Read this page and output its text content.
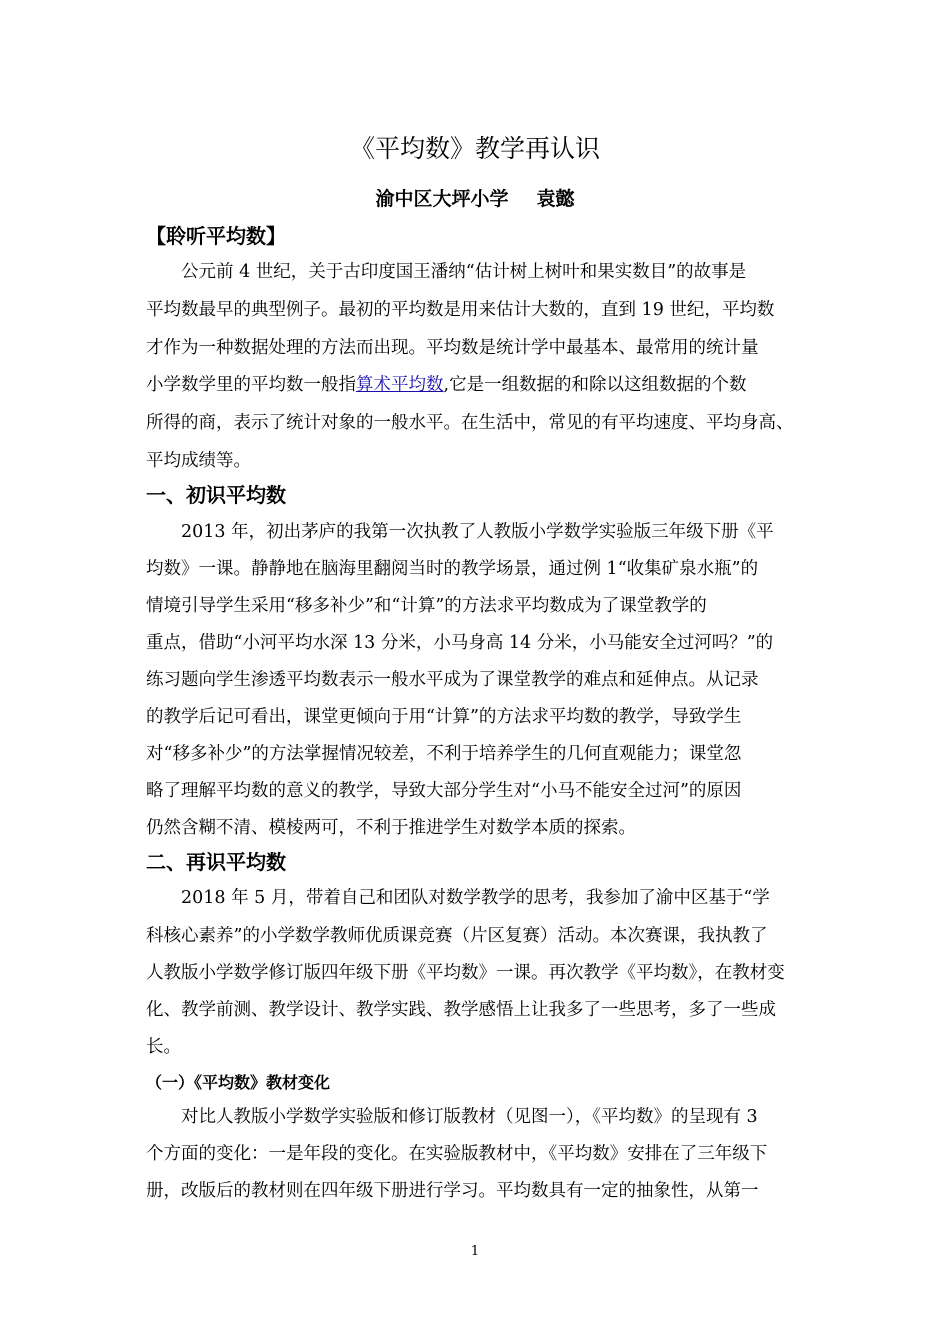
《平均数》教学再认识
渝中区大坪小学 袁懿
【聆听平均数】
公元前 4 世纪，关于古印度国王潘纳“估计树上树叶和果实数目”的故事是
平均数最早的典型例子。最初的平均数是用来估计大数的，直到 19 世纪，平均数
才作为一种数据处理的方法而出现。平均数是统计学中最基本、最常用的统计量
小学数学里的平均数一般指算术平均数,它是一组数据的和除以这组数据的个数
所得的商，表示了统计对象的一般水平。在生活中，常见的有平均速度、平均身高、
平均成绩等。
一、初识平均数
2013 年，初出茅庐的我第一次执教了人教版小学数学实验版三年级下册《平
均数》一课。静静地在脑海里翻阅当时的教学场景，通过例 1“收集矿泉水瓶”的
情境引导学生采用“移多补少”和“计算”的方法求平均数成为了课堂教学的
重点，借助“小河平均水深 13 分米，小马身高 14 分米，小马能安全过河吗？”的
练习题向学生渗透平均数表示一般水平成为了课堂教学的难点和延伸点。从记录
的教学后记可看出，课堂更倾向于用“计算”的方法求平均数的教学，导致学生
对“移多补少”的方法掌握情况较差，不利于培养学生的几何直观能力；课堂忽
略了理解平均数的意义的教学，导致大部分学生对“小马不能安全过河”的原因
仍然含糊不清、模棱两可，不利于推进学生对数学本质的探索。
二、再识平均数
2018 年 5 月，带着自己和团队对数学教学的思考，我参加了渝中区基于“学
科核心素养”的小学数学教师优质课竞赛（片区复赛）活动。本次赛课，我执教了
人教版小学数学修订版四年级下册《平均数》一课。再次教学《平均数》，在教材变
化、教学前测、教学设计、教学实践、教学感悟上让我多了一些思考，多了一些成
长。
（一）《平均数》教材变化
对比人教版小学数学实验版和修订版教材（见图一），《平均数》的呈现有 3
个方面的变化：一是年段的变化。在实验版教材中，《平均数》安排在了三年级下
册，改版后的教材则在四年级下册进行学习。平均数具有一定的抽象性，从第一
1
